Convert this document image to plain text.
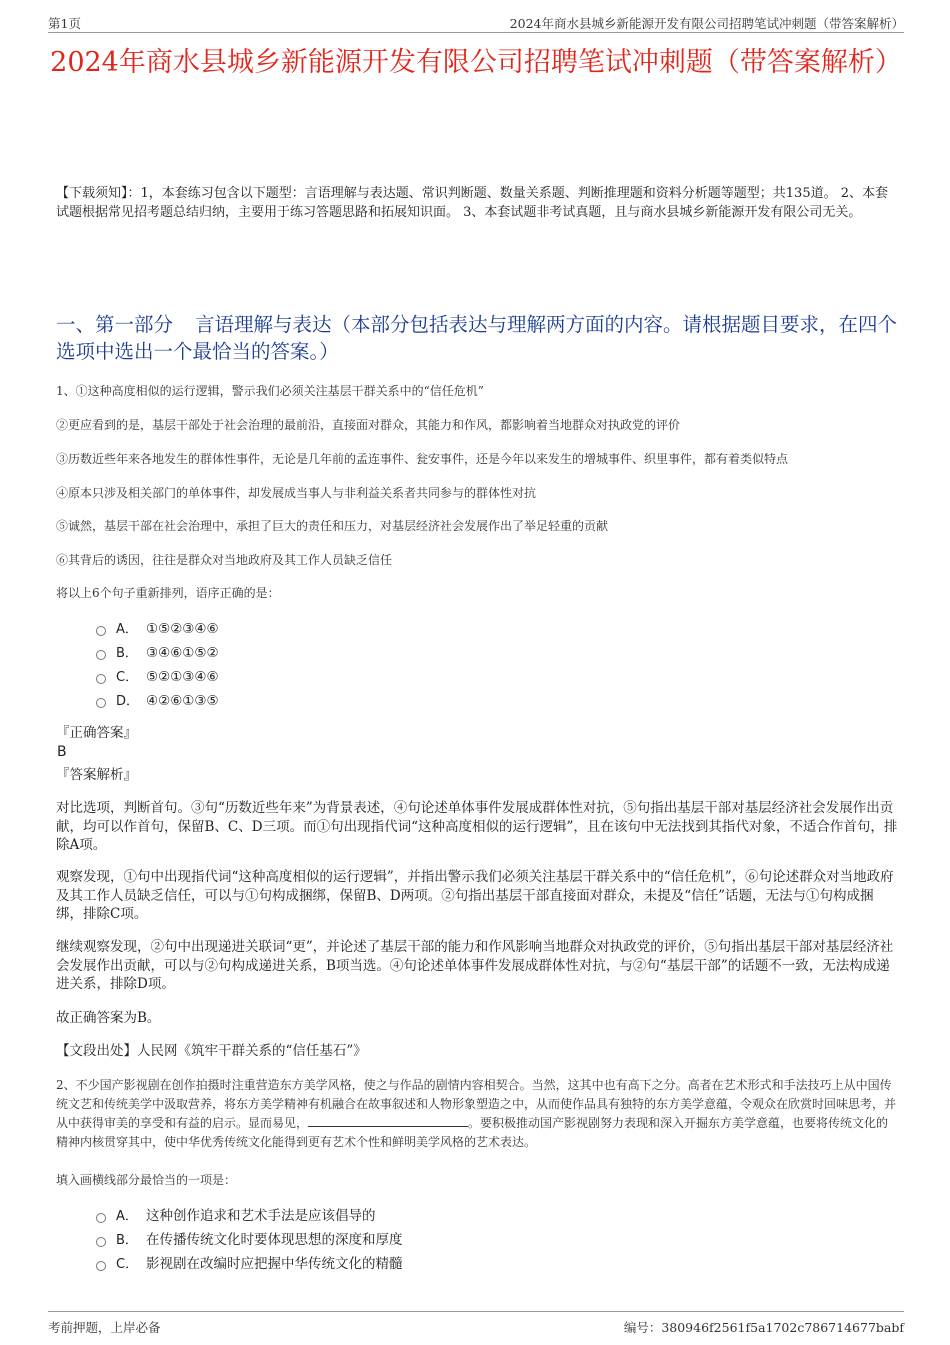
第1页	2024年商水县城乡新能源开发有限公司招聘笔试冲刺题（带答案解析）
2024年商水县城乡新能源开发有限公司招聘笔试冲刺题（带答案解析）

【下载须知】：1，本套练习包含以下题型：言语理解与表达题、常识判断题、数量关系题、判断推理题和资料分析题等题型；共135道。 2、本套试题根据常见招考题总结归纳，主要用于练习答题思路和拓展知识面。 3、本套试题非考试真题，且与商水县城乡新能源开发有限公司无关。

一、第一部分 言语理解与表达（本部分包括表达与理解两方面的内容。请根据题目要求，在四个选项中选出一个最恰当的答案。）

1、①这种高度相似的运行逻辑，警示我们必须关注基层干群关系中的“信任危机”

②更应看到的是，基层干部处于社会治理的最前沿，直接面对群众，其能力和作风，都影响着当地群众对执政党的评价

③历数近些年来各地发生的群体性事件，无论是几年前的孟连事件、瓮安事件，还是今年以来发生的增城事件、织里事件，都有着类似特点

④原本只涉及相关部门的单体事件，却发展成当事人与非利益关系者共同参与的群体性对抗

⑤诚然，基层干部在社会治理中，承担了巨大的责任和压力，对基层经济社会发展作出了举足轻重的贡献

⑥其背后的诱因，往往是群众对当地政府及其工作人员缺乏信任

将以上6个句子重新排列，语序正确的是：

A． ①⑤②③④⑥
B． ③④⑥①⑤②
C． ⑤②①③④⑥
D． ④②⑥①③⑤

『正确答案』

B

『答案解析』

对比选项，判断首句。③句“历数近些年来”为背景表述，④句论述单体事件发展成群体性对抗，⑤句指出基层干部对基层经济社会发展作出贡献，均可以作首句，保留B、C、D三项。而①句出现指代词“这种高度相似的运行逻辑”，且在该句中无法找到其指代对象，不适合作首句，排除A项。

观察发现，①句中出现指代词“这种高度相似的运行逻辑”，并指出警示我们必须关注基层干群关系中的“信任危机”，⑥句论述群众对当地政府及其工作人员缺乏信任，可以与①句构成捆绑，保留B、D两项。②句指出基层干部直接面对群众，未提及“信任”话题，无法与①句构成捆绑，排除C项。

继续观察发现，②句中出现递进关联词“更”，并论述了基层干部的能力和作风影响当地群众对执政党的评价，⑤句指出基层干部对基层经济社会发展作出贡献，可以与②句构成递进关系，B项当选。④句论述单体事件发展成群体性对抗，与②句“基层干部”的话题不一致，无法构成递进关系，排除D项。

故正确答案为B。

【文段出处】人民网《筑牢干群关系的“信任基石”》

2、不少国产影视剧在创作拍摄时注重营造东方美学风格，使之与作品的剧情内容相契合。当然，这其中也有高下之分。高者在艺术形式和手法技巧上从中国传统文艺和传统美学中汲取营养，将东方美学精神有机融合在故事叙述和人物形象塑造之中，从而使作品具有独特的东方美学意蕴，令观众在欣赏时回味思考，并从中获得审美的享受和有益的启示。显而易见，	。要积极推动国产影视剧努力表现和深入开掘东方美学意蕴，也要将传统文化的精神内核贯穿其中，使中华优秀传统文化能得到更有艺术个性和鲜明美学风格的艺术表达。

填入画横线部分最恰当的一项是：

A． 这种创作追求和艺术手法是应该倡导的
B． 在传播传统文化时要体现思想的深度和厚度
C． 影视剧在改编时应把握中华传统文化的精髓
考前押题，上岸必备	编号：380946f2561f5a1702c786714677babf
